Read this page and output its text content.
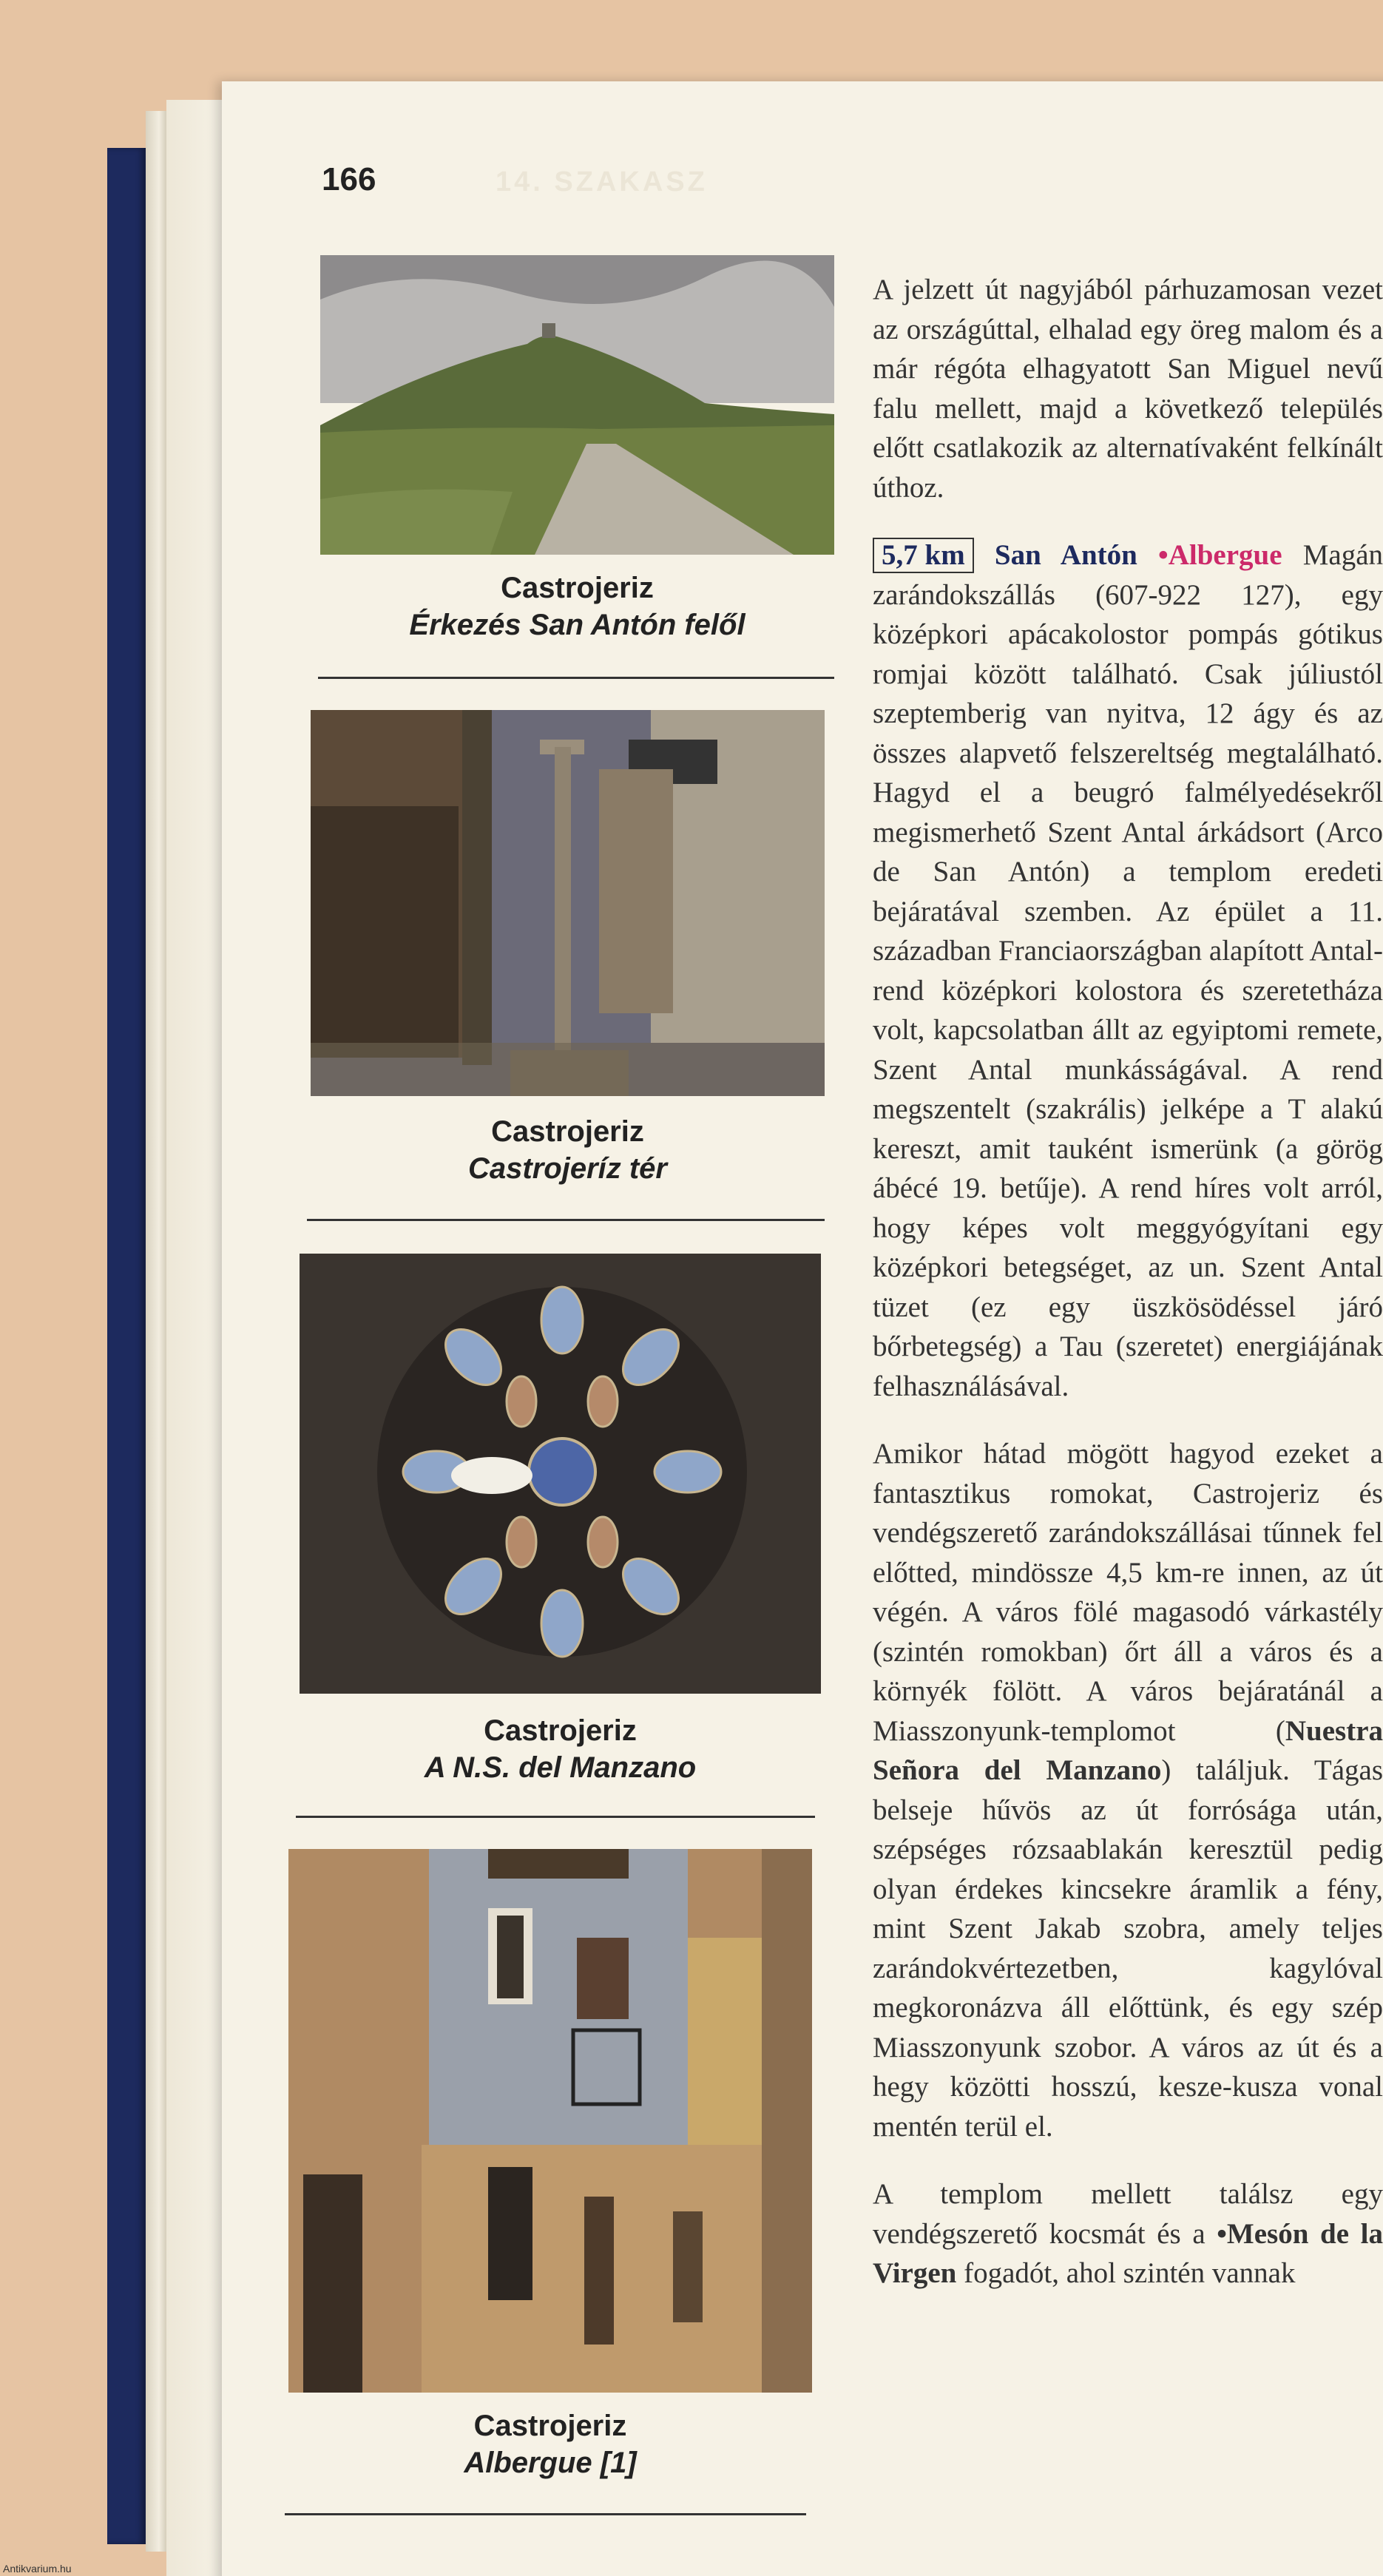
166	14. SZAKASZ
Castrojeriz
Érkezés San Antón felől
Castrojeriz
Castrojeríz tér
Castrojeriz
A N.S. del Manzano
Castrojeriz
Albergue [1]

A jelzett út nagyjából párhuzamosan vezet az országúttal, elhalad egy öreg malom és a már régóta elhagyatott San Miguel nevű falu mellett, majd a következő település előtt csatlakozik az alternatívaként felkínált úthoz.

5,7 km San Antón •Albergue Magán zarándokszállás (607-922 127), egy középkori apácakolostor pompás gótikus romjai között található. Csak júliustól szeptemberig van nyitva, 12 ágy és az összes alapvető felszereltség megtalálható. Hagyd el a beugró falmélyedésekről megismerhető Szent Antal árkádsort (Arco de San Antón) a templom eredeti bejáratával szemben. Az épület a 11. században Franciaországban alapított Antal-rend középkori kolostora és szeretetháza volt, kapcsolatban állt az egyiptomi remete, Szent Antal munkásságával. A rend megszentelt (szakrális) jelképe a T alakú kereszt, amit tauként ismerünk (a görög ábécé 19. betűje). A rend híres volt arról, hogy képes volt meggyógyítani egy középkori betegséget, az un. Szent Antal tüzet (ez egy üszkösödéssel járó bőrbetegség) a Tau (szeretet) energiájának felhasználásával.

Amikor hátad mögött hagyod ezeket a fantasztikus romokat, Castrojeriz és vendégszerető zarándokszállásai tűnnek fel előtted, mindössze 4,5 km-re innen, az út végén. A város fölé magasodó várkastély (szintén romokban) őrt áll a város és a környék fölött. A város bejáratánál a Miasszonyunk-templomot (Nuestra Señora del Manzano) találjuk. Tágas belseje hűvös az út forrósága után, szépséges rózsaablakán keresztül pedig olyan érdekes kincsekre áramlik a fény, mint Szent Jakab szobra, amely teljes zarándokvértezetben, kagylóval megkoronázva áll előttünk, és egy szép Miasszonyunk szobor. A város az út és a hegy közötti hosszú, kesze-kusza vonal mentén terül el.

A templom mellett találsz egy vendégszerető kocsmát és a •Mesón de la Virgen fogadót, ahol szintén vannak

Antikvarium.hu
